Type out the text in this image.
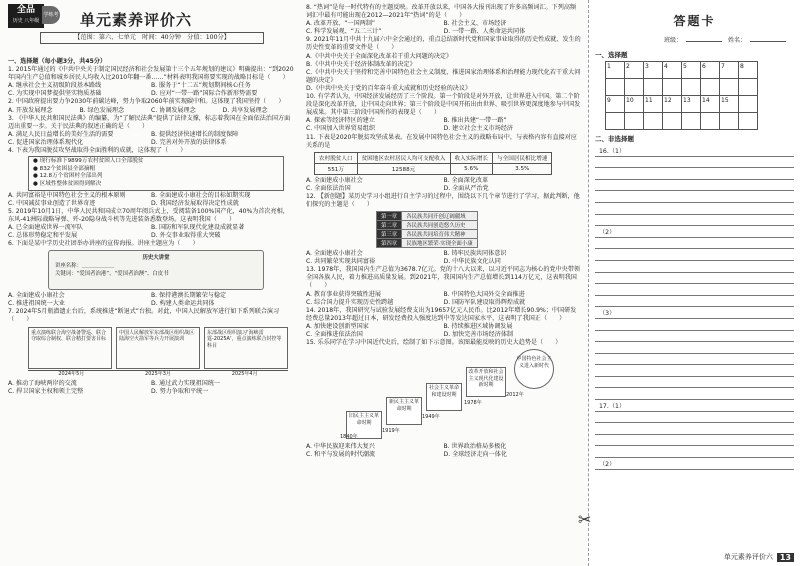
全品
历史 八年级
学练考 单元素养评价六
【范围：第六、七单元　时间：40分钟　分值：100分】

一、选择题（每小题3分，共45分）

1. 2015年通过的《中共中央关于制定国民经济和社会发展第十三个五年规划的建议》明确提出：“到2020年国内生产总值和城乡居民人均收入比2010年翻一番……”材料表明我国将要实现的战略目标是（　　）

A. 继承社会主义初级阶段基本路线	B. 服务于“十二五”规划期间核心任务
C. 为实现中国梦提供坚实物质基础	D. 应对“一带一路”国际合作新形势需要

2. 中国政府提出要力争2030年前碳达峰，努力争取2060年前实现碳中和。这体现了我国坚持（　　）

A. 开放发展理念	B. 绿色发展理念	C. 协调发展理念	D. 共享发展理念

3. 《中华人民共和国民法典》的编纂，为“了解民法典”提供了法律支撑，标志着我国在全面依法治国方面迈出重要一步。关于民法典的叙述正确的是（　　）

A. 满足人民日益增长的美好生活的需要	B. 提供经济快速增长的制度保障
C. 促进国家治理体系现代化	D. 完善对外开放的法律体系

4. 下表为我国脱贫攻坚战取得全面胜利的成就，这体现了（　　）

● 现行标准下9899万农村贫困人口全部脱贫
● 832个贫困县全部摘帽
● 12.8万个贫困村全部出列
● 区域性整体贫困得到解决
A. 共同富裕是中国特色社会主义的根本原则	B. 全面建成小康社会的目标如期实现
C. 中国减贫事业创造了世界奇迹	D. 我国经济发展取得决定性成就

5. 2019年10月1日，中华人民共和国成立70周年阅兵式上，受阅装备100%国产化，40%为首次亮相，东风-41洲际战略导弹、歼-20隐身战斗机等先进装备悉数登场。这表明我国（　　）

A. 已全面建成世界一流军队	B. 国防和军队现代化建设成就显著
C. 总体形势稳定和平发展	D. 外交事业取得重大突破

6. 下面是某中学历史社团举办讲座的宣传海报。讲座主题应为（　　）

历史大讲堂
讲座名称：＿＿＿＿＿＿
关键词：“爱国者治港”、“爱国者治澳”、白皮书
A. 全面建成小康社会	B. 保持港澳长期繁荣与稳定
C. 推进祖国统一大业	D. 构建人类命运共同体

7. 2024年5月瓶潜遗止台后，系统推进“断退式”台独。对此，中国人民解放军进行如下系列联合演习（　　）

重点演练联合海空战备警巡、联合夺取综合制权、联合精打要害目标
中国人民解放军东部战区组织战区陆海空火箭军等兵力开展演训
东部战区组织演习‘海峡雷霆-2025A’，重点演练联合封控等科目
2024年5月	2025年3月	2025年4月
A. 推动了海峡两岸的交流	B. 通过武力实现祖国统一
C. 捍卫国家主权和领土完整	D. 努力争取和平统一

8. “热词”是每一时代特有的主题反映。改革开放以来，中国各大报刊出现了许多高频词汇。下列高频词汇中最有可能出现在2012—2021年“热词”的是（　　）

A. 改革开放、“一国两制”	B. 社会主义、市场经济
C. 科学发展观、“五二三计”	D. 一带一路、人类命运共同体

9. 2021年11月中共十九届六中全会通过的，重点总结新时代党和国家事业取得的历史性成就、发生的历史性变革的重要文件是（　　）

A.《中共中央关于全面深化改革若干重大问题的决定》

B.《中共中央关于经济体制改革的决定》

C.《中共中央关于坚持和完善中国特色社会主义制度、推进国家治理体系和治理能力现代化若干重大问题的决定》

D.《中共中央关于党的百年奋斗重大成就和历史经验的决议》

10. 有学者认为，中国经济发展经历了三个阶段。第一个阶段是对外开放，让世界进入中国。第二个阶段是深化改革开放，让中国走向世界；第三个阶段是中国开拓出由世界、吸引世界更深度地参与中国发展成果。其中第三阶段中国所作的表现是（　　）

A. 探索等经济特区的建立	B. 推出共建“一带一路”
C. 中国加入世界贸易组织	D. 建立社会主义市场经济

11. 下表是2020年脱贫攻坚成果表。在发展中国特色社会主义的战略布局中，与表格内容有直接对应关系的是

农村脱贫人口	贫困地区农村居民人均可支配收入	收入实际增长	与全国居民相比增速
551万	12588元	5.6%	3.5%
A. 全面建成小康社会	B. 全面深化改革
C. 全面依法治国	D. 全面从严治党

12. 【新创题】某历史学习小组进行自主学习的过程中，围绕以下几个章节进行了学习，据此判断，他们探究的主题是（　　）

第一章	各民族共同开创辽阔疆域
第二章	各民族共同创造悠久历史
第三章	各民族共同培育伟大精神
第四章	民族地区繁荣·实现全面小康
A. 全面建成小康社会	B. 铸牢民族共同体意识
C. 共同繁荣实现共同富裕	D. 中华民族文化认同

13. 1978年，我国国内生产总值为3678.7亿元。党的十八大以来，以习近平同志为核心的党中央带领全国各族人民，着力推进高质量发展。到2021年，我国国内生产总值增长到114万亿元，这表明我国（　　）

A. 教育事业获得突破性进展	B. 中国特色大国外交全面推进
C. 综合国力提升实现历史性跨越	D. 国防军队建设取得辉煌成就

14. 2018年，我国研究与试验发展经费支出为19657亿元人民币。比2012年增长90.9%；中国研发经费总量2013年超过日本，研发经费投入强度达到中等发达国家水平，这表明了我国正（　　）

A. 加快建设创新型国家	B. 持续推进区域协调发展
C. 全面推进依法治国	D. 加快完善市场经济体制

15. 乐乐同学在学习中国近代史后，绘制了如下示意图。该图最能反映的历史大趋势是（　　）

旧民主主义革命时期
新民主主义革命时期
社会主义革命和建设时期
改革开放和社会主义现代化建设新时期
中国特色社会主义进入新时代
1840年
1919年
1949年
1978年
2012年
A. 中华民族迎来伟大复兴	B. 世界政治格局多极化
C. 和平与发展的时代潮流	D. 全球经济走向一体化
答题卡
班级：	姓名：
一、选择题
1	2	3	4	5	6	7	8

9	10	11	12	13	14	15	

二、非选择题
16.（1）
（2）
（3）
17.（1）
（2）
✂
单元素养评价六 13
